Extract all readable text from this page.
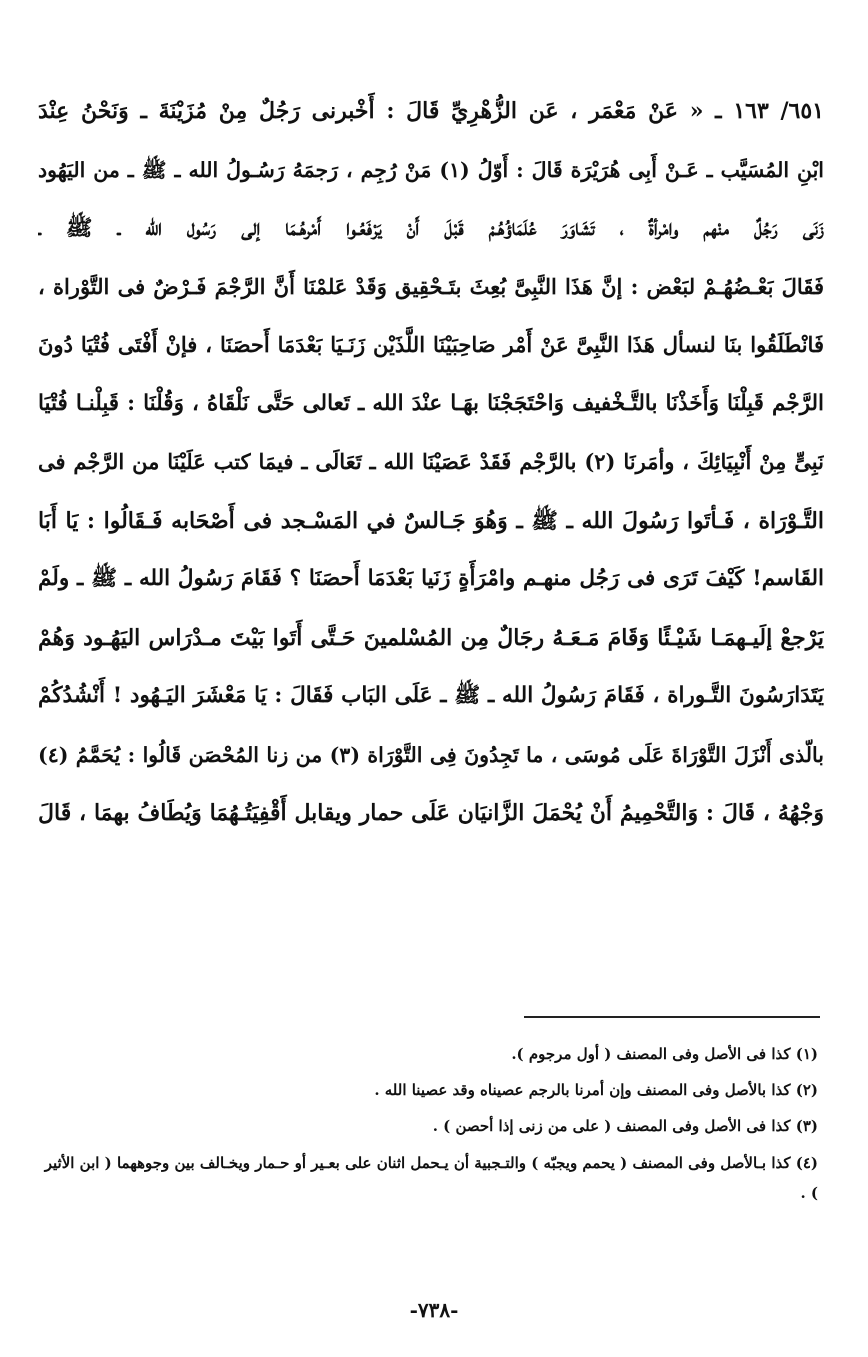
٦٥١/ ١٦٣ ـ « عَنْ مَعْمَر ، عَن الزُّهْرِيِّ قَالَ : أَخْبرنى رَجُلٌ مِنْ مُزَيْنَةَ ـ وَنَحْنُ عِنْدَ
ابْنِ المُسَيَّب ـ عَـنْ أَبِى هُرَيْرَة قَالَ : أَوّلُ (١) مَنْ رُجِم ، رَجمَهُ رَسُـولُ الله ـ ﷺ ـ من اليَهُود
زَنَى رَجُلٌ منْهم وامْرأةٌ ، تَشَاوَرَ عُلَمَاؤُهُـمْ قَبْلَ أَنْ يَرْفَعُـوا أَمْرهُـمَا إلى رَسُول الله ـ ﷺ ـ
فَقَالَ بَعْـضُهُـمْ لبَعْض : إنَّ هَذَا النَّبِىَّ بُعِثَ بتَـحْقِيق وَقَدْ عَلمْنَا أَنَّ الرَّجْمَ فَـرْضٌ فى التَّوْراة ،
فَانْطَلَقُوا بنَا لنسأل هَذَا النَّبِىَّ عَنْ أَمْر صَاحِبَيْنَا اللَّذَيْن زَنَـيَا بَعْدَمَا أَحصَنَا ، فإنْ أَفْتَى فُتْيَا دُونَ
الرَّجْم قَبِلْنَا وَأَخَذْنَا بالتَّـخْفيف وَاحْتَجَجْنَا بهَـا عنْدَ الله ـ تَعالى حَتَّى نَلْقَاهُ ، وَقُلْنَا : قَبِلْنـا فُتْيَا
نَبِىٍّ مِنْ أَنْبِيَائِكَ ، وأمَرنَا (٢) بالرَّجْم فَقَدْ عَصَيْنَا الله ـ تَعَالَى ـ فيمَا كتب عَلَيْنَا من الرَّجْم فى
التَّـوْرَاة ، فَـأتَوا رَسُولَ الله ـ ﷺ ـ وَهُوَ جَـالسٌ في المَسْـجد فى أَصْحَابه فَـقَالُوا : يَا أَبَا
القَاسم! كَيْفَ تَرَى فى رَجُل منهـم وامْرَأَةٍ زَنَيا بَعْدَمَا أَحصَنَا ؟ فَقَامَ رَسُولُ الله ـ ﷺ ـ ولَمْ
يَرْجعْ إلَيـهمَـا شَيْـئًا وَقَامَ مَـعَـهُ رجَالٌ مِن المُسْلمينَ حَـتَّى أَتَوا بَيْتَ مـدْرَاس اليَهُـود وَهُمْ
يَتَدَارَسُونَ التَّـوراة ، فَقَامَ رَسُولُ الله ـ ﷺ ـ عَلَى البَاب فَقَالَ : يَا مَعْشَرَ اليَـهُود ! أَنْشُدُكُمْ
بالّذى أَنْزَلَ التَّوْرَاةَ عَلَى مُوسَى ، ما تَجِدُونَ فِى التَّوْرَاة (٣) من زنا المُحْصَن قَالُوا : يُحَمَّمُ (٤)
وَجْهُهُ ، قَالَ : وَالتَّحْمِيمُ أَنْ يُحْمَلَ الزَّانيَان عَلَى حمار ويقابل أَقْفِيَتُـهُمَا وَيُطَافُ بهمَا ، قَالَ
(١) كذا فى الأصل وفى المصنف ( أول مرجوم ).
(٢) كذا بالأصل وفى المصنف وإن أمرنا بالرجم عصيناه وقد عصينا الله .
(٣) كذا فى الأصل وفى المصنف ( على من زنى إذا أحصن ) .
(٤) كذا بـالأصل وفى المصنف ( يحمم ويجبّه ) والتـجبية أن يـحمل اثنان على بعـير أو حـمار ويخـالف بين وجوههما ( ابن الأثير ) .
-٧٣٨-
